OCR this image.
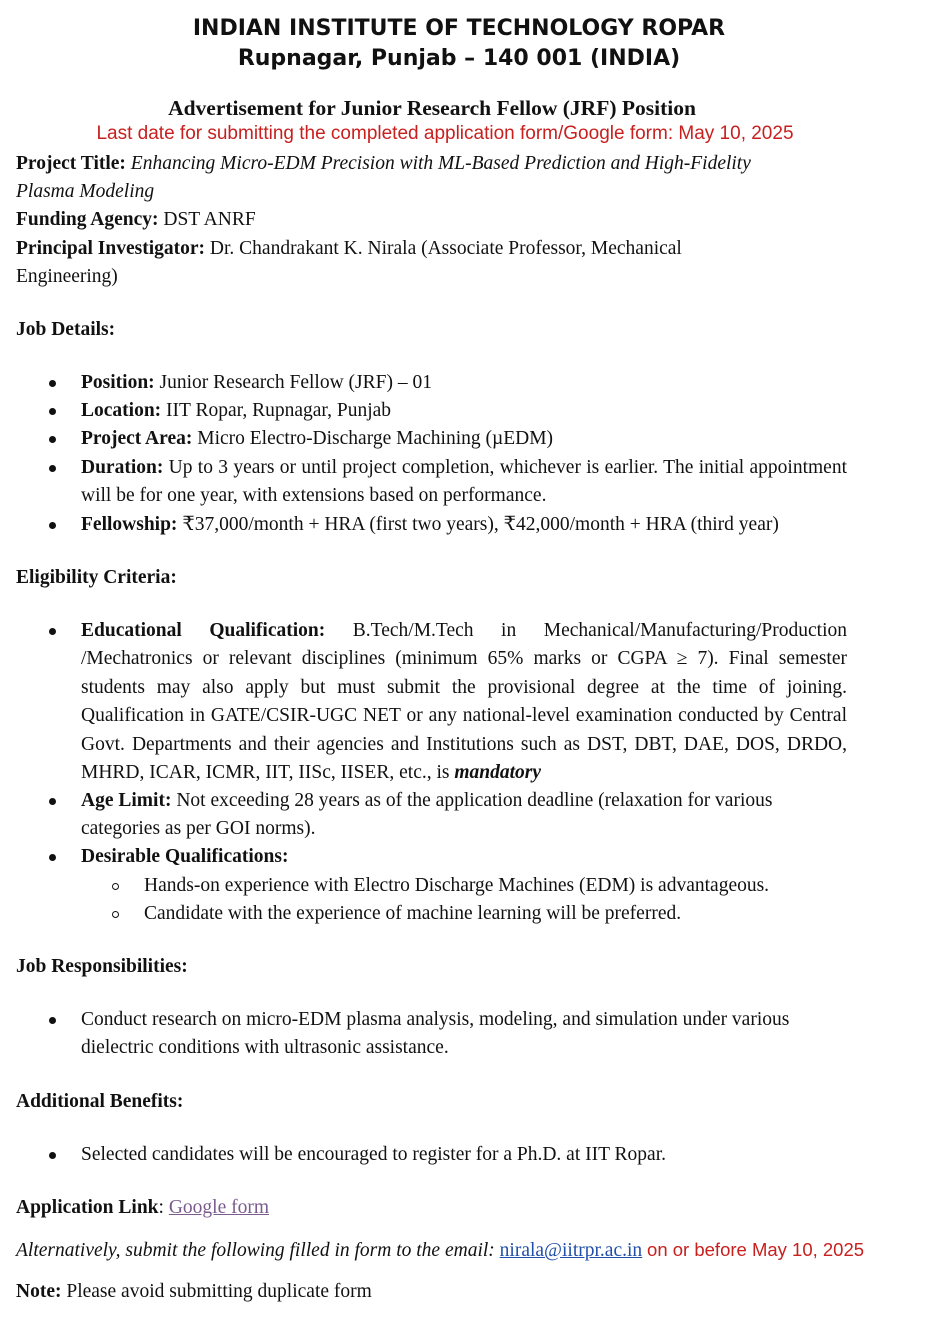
INDIAN INSTITUTE OF TECHNOLOGY ROPAR
Rupnagar, Punjab – 140 001 (INDIA)
Advertisement for Junior Research Fellow (JRF) Position
Last date for submitting the completed application form/Google form: May 10, 2025
Project Title: Enhancing Micro-EDM Precision with ML-Based Prediction and High-Fidelity
Plasma Modeling
Funding Agency: DST ANRF
Principal Investigator: Dr. Chandrakant K. Nirala (Associate Professor, Mechanical
Engineering)
Job Details:
Position: Junior Research Fellow (JRF) – 01
Location: IIT Ropar, Rupnagar, Punjab
Project Area: Micro Electro-Discharge Machining (µEDM)
Duration: Up to 3 years or until project completion, whichever is earlier. The initial appointment will be for one year, with extensions based on performance.
Fellowship: ₹37,000/month + HRA (first two years), ₹42,000/month + HRA (third year)
Eligibility Criteria:
Educational Qualification: B.Tech/M.Tech in Mechanical/Manufacturing/Production /Mechatronics or relevant disciplines (minimum 65% marks or CGPA ≥ 7). Final semester students may also apply but must submit the provisional degree at the time of joining. Qualification in GATE/CSIR-UGC NET or any national-level examination conducted by Central Govt. Departments and their agencies and Institutions such as DST, DBT, DAE, DOS, DRDO, MHRD, ICAR, ICMR, IIT, IISc, IISER, etc., is mandatory
Age Limit: Not exceeding 28 years as of the application deadline (relaxation for various categories as per GOI norms).
Desirable Qualifications:
Hands-on experience with Electro Discharge Machines (EDM) is advantageous.
Candidate with the experience of machine learning will be preferred.
Job Responsibilities:
Conduct research on micro-EDM plasma analysis, modeling, and simulation under various dielectric conditions with ultrasonic assistance.
Additional Benefits:
Selected candidates will be encouraged to register for a Ph.D. at IIT Ropar.
Application Link: Google form
Alternatively, submit the following filled in form to the email: nirala@iitrpr.ac.in on or before May 10, 2025
Note: Please avoid submitting duplicate form
